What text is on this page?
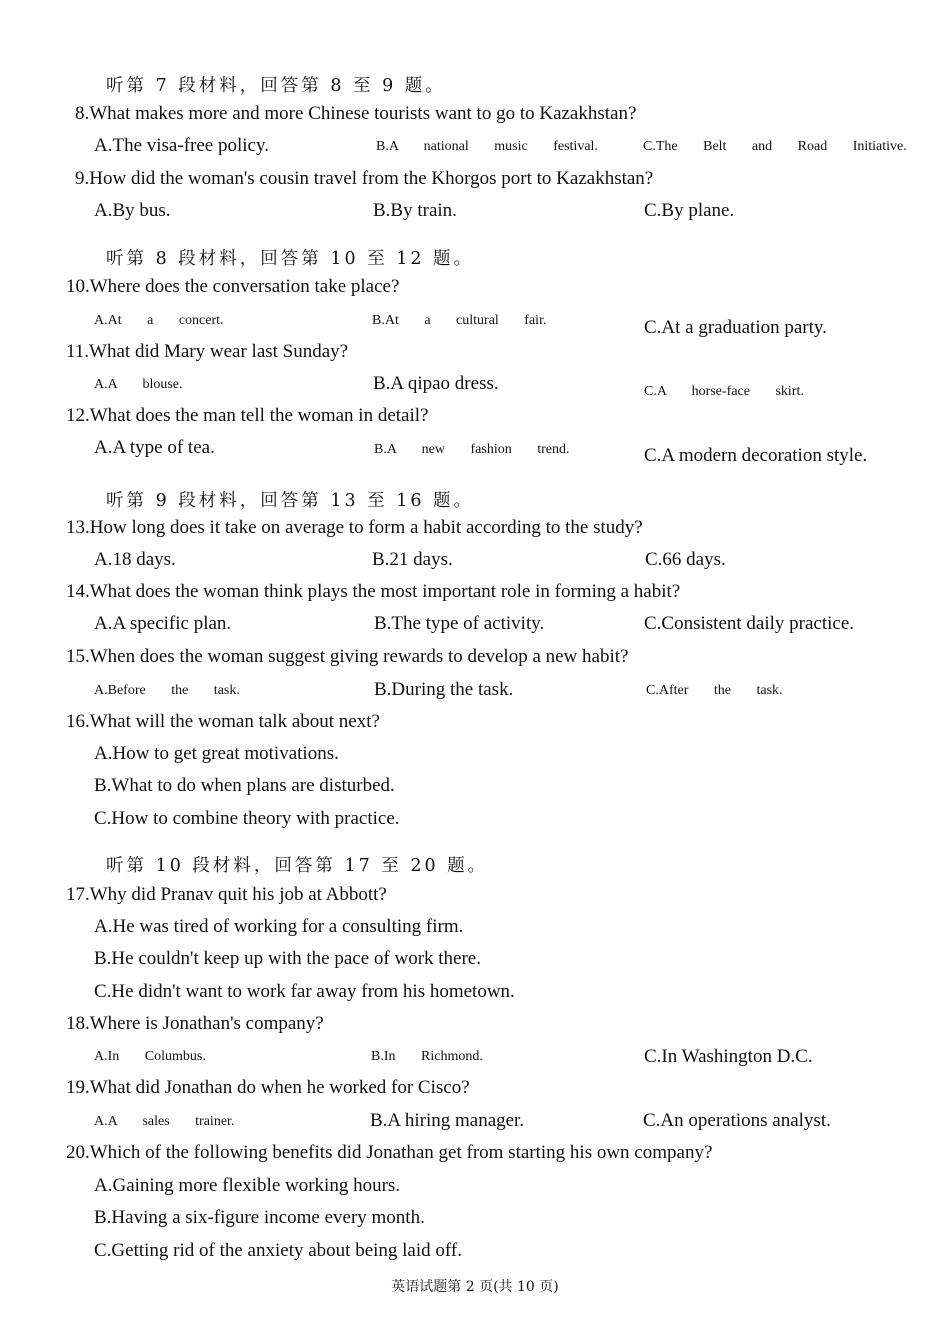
听第 7 段材料，回答第 8 至 9 题。
8.What makes more and more Chinese tourists want to go to Kazakhstan?
A.The visa-free policy.	B.A national music festival.	C.The Belt and Road Initiative.
9.How did the woman's cousin travel from the Khorgos port to Kazakhstan?
A.By bus.	B.By train.	C.By plane.
听第 8 段材料，回答第 10 至 12 题。
10.Where does the conversation take place?
A.At a concert.	B.At a cultural fair.	C.At a graduation party.
11.What did Mary wear last Sunday?
A.A blouse.	B.A qipao dress.	C.A horse-face skirt.
12.What does the man tell the woman in detail?
A.A type of tea.	B.A new fashion trend.	C.A modern decoration style.
听第 9 段材料，回答第 13 至 16 题。
13.How long does it take on average to form a habit according to the study?
A.18 days.	B.21 days.	C.66 days.
14.What does the woman think plays the most important role in forming a habit?
A.A specific plan.	B.The type of activity.	C.Consistent daily practice.
15.When does the woman suggest giving rewards to develop a new habit?
A.Before the task.	B.During the task.	C.After the task.
16.What will the woman talk about next?
A.How to get great motivations.
B.What to do when plans are disturbed.
C.How to combine theory with practice.
听第 10 段材料，回答第 17 至 20 题。
17.Why did Pranav quit his job at Abbott?
A.He was tired of working for a consulting firm.
B.He couldn't keep up with the pace of work there.
C.He didn't want to work far away from his hometown.
18.Where is Jonathan's company?
A.In Columbus.	B.In Richmond.	C.In Washington D.C.
19.What did Jonathan do when he worked for Cisco?
A.A sales trainer.	B.A hiring manager.	C.An operations analyst.
20.Which of the following benefits did Jonathan get from starting his own company?
A.Gaining more flexible working hours.
B.Having a six-figure income every month.
C.Getting rid of the anxiety about being laid off.
英语试题第 2 页(共 10 页)
